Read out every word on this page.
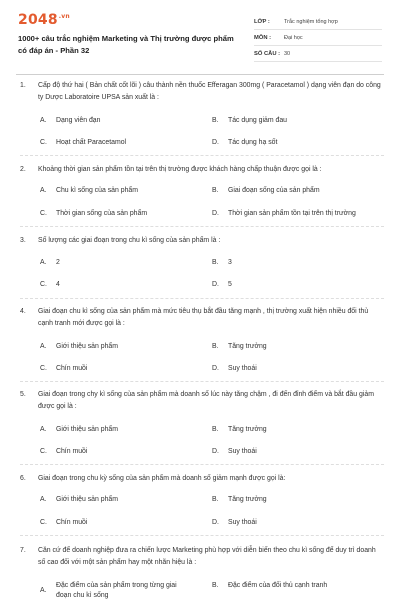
$2048^{.vn}$
1000+ câu trắc nghiệm Marketing và Thị trường được phẩm có đáp án - Phần 32
LỚP :	Trắc nghiệm tổng hợp
MÔN :	Đại học
SỐ CÂU : 30
1. Cấp độ thứ hai ( Bản chất cốt lõi ) câu thành nền thuốc Efferagan 300mg ( Paracetamol ) dạng viên đạn do công ty Dược Laboratoire UPSA sản xuất là :
A. Dạng viên đạn	B. Tác dụng giảm đau
C. Hoạt chất Paracetamol	D. Tác dụng hạ sốt
2. Khoảng thời gian sản phẩm tồn tại trên thị trường được khách hàng chấp thuận được gọi là :
A. Chu kì sống của sản phẩm	B. Giai đoạn sống của sản phẩm
C. Thời gian sống của sản phẩm	D. Thời gian sản phẩm tồn tại trên thị trường
3. Số lượng các giai đoạn trong chu kì sống của sản phẩm là :
A. 2	B. 3
C. 4	D. 5
4. Giai đoạn chu kì sống của sản phẩm mà mức tiêu thụ bắt đầu tăng mạnh , thị trường xuất hiện nhiều đối thủ cạnh tranh mới được gọi là :
A. Giới thiệu sản phẩm	B. Tăng trưởng
C. Chín muồi	D. Suy thoái
5. Giai đoạn trong chy kì sống của sản phẩm mà doanh số lúc này tăng chậm , đi đến đỉnh điểm và bắt đầu giảm được gọi là :
A. Giới thiệu sản phẩm	B. Tăng trưởng
C. Chín muồi	D. Suy thoái
6. Giai đoạn trong chu kỳ sống của sản phẩm mà doanh số giảm mạnh được gọi là:
A. Giới thiệu sản phẩm	B. Tăng trưởng
C. Chín muồi	D. Suy thoái
7. Căn cứ để doanh nghiệp đưa ra chiến lược Marketing phù hợp với diễn biến theo chu kì sống để duy trì doanh số cao đối với một sản phẩm hay một nhãn hiệu là :
A.
Đặc điểm của sản phẩm trong từng giai đoạn chu kì sống
B. Đặc điểm của đối thủ cạnh tranh
